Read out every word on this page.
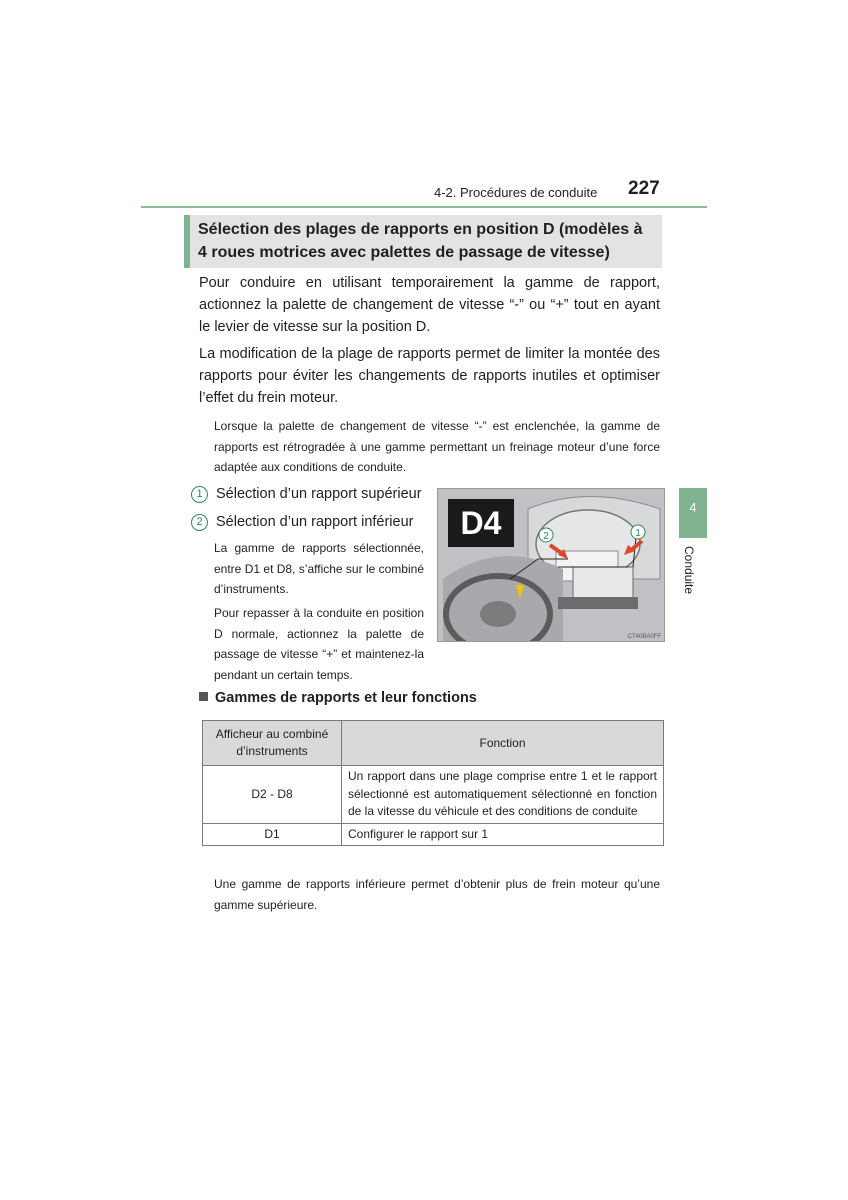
4-2. Procédures de conduite 227
Sélection des plages de rapports en position D (modèles à 4 roues motrices avec palettes de passage de vitesse)
Pour conduire en utilisant temporairement la gamme de rapport, actionnez la palette de changement de vitesse “-” ou “+” tout en ayant le levier de vitesse sur la position D.
La modification de la plage de rapports permet de limiter la montée des rapports pour éviter les changements de rapports inutiles et optimiser l’effet du frein moteur.
Lorsque la palette de changement de vitesse “-” est enclenchée, la gamme de rapports est rétrogradée à une gamme permettant un freinage moteur d’une force adaptée aux conditions de conduite.
1 Sélection d’un rapport supérieur
2 Sélection d’un rapport inférieur
La gamme de rapports sélectionnée, entre D1 et D8, s’affiche sur le combiné d’instruments.
Pour repasser à la conduite en position D normale, actionnez la palette de passage de vitesse “+” et maintenez-la pendant un certain temps.
2	1
D4
CT40BA0FF
Gammes de rapports et leur fonctions
Afficheur au combiné d’instruments	Fonction
D2 - D8	Un rapport dans une plage comprise entre 1 et le rapport sélectionné est automatiquement sélectionné en fonction de la vitesse du véhicule et des conditions de conduite
D1	Configurer le rapport sur 1
Une gamme de rapports inférieure permet d’obtenir plus de frein moteur qu’une gamme supérieure.
4
Conduite
